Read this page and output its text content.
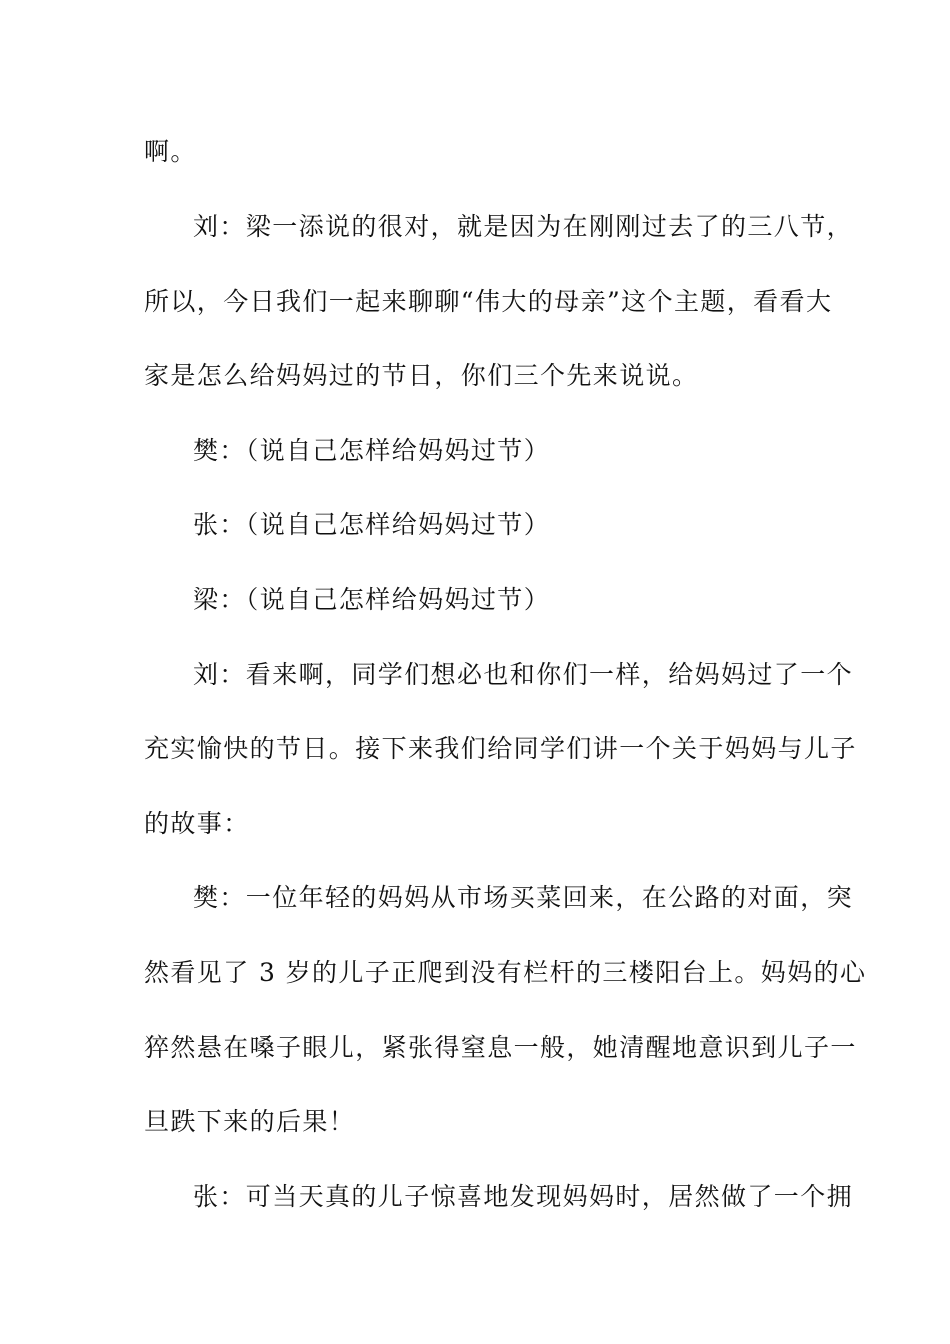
啊。
刘：梁一添说的很对，就是因为在刚刚过去了的三八节，
所以，今日我们一起来聊聊“伟大的母亲”这个主题，看看大
家是怎么给妈妈过的节日，你们三个先来说说。
樊：（说自己怎样给妈妈过节）
张：（说自己怎样给妈妈过节）
梁：（说自己怎样给妈妈过节）
刘：看来啊，同学们想必也和你们一样，给妈妈过了一个
充实愉快的节日。接下来我们给同学们讲一个关于妈妈与儿子
的故事：
樊：一位年轻的妈妈从市场买菜回来，在公路的对面，突
然看见了 3 岁的儿子正爬到没有栏杆的三楼阳台上。妈妈的心
猝然悬在嗓子眼儿，紧张得窒息一般，她清醒地意识到儿子一
旦跌下来的后果！
张：可当天真的儿子惊喜地发现妈妈时，居然做了一个拥
